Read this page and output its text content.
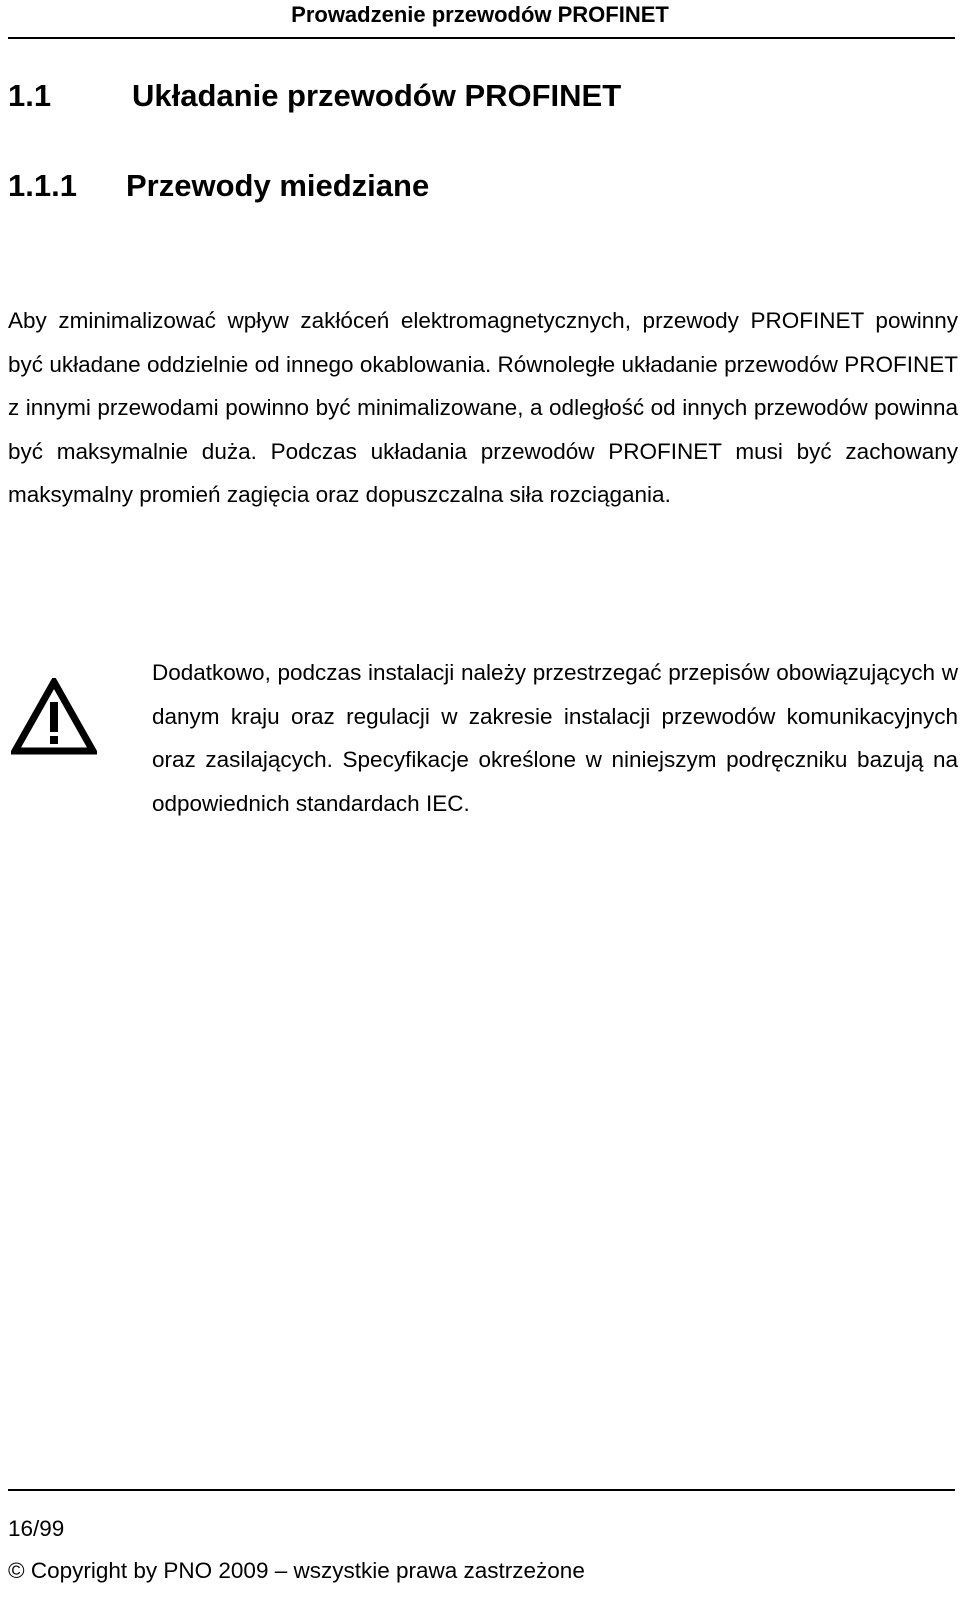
Prowadzenie przewodów PROFINET
1.1	Układanie przewodów PROFINET
1.1.1 Przewody miedziane

Aby zminimalizować wpływ zakłóceń elektromagnetycznych, przewody PROFINET powinny być układane oddzielnie od innego okablowania. Równoległe układanie przewodów PROFINET z innymi przewodami powinno być minimalizowane, a odległość od innych przewodów powinna być maksymalnie duża. Podczas układania przewodów PROFINET musi być zachowany maksymalny promień zagięcia oraz dopuszczalna siła rozciągania.

Dodatkowo, podczas instalacji należy przestrzegać przepisów obowiązujących w danym kraju oraz regulacji w zakresie instalacji przewodów komunikacyjnych oraz zasilających. Specyfikacje określone w niniejszym podręczniku bazują na odpowiednich standardach IEC.

16/99
© Copyright by PNO 2009 – wszystkie prawa zastrzeżone
